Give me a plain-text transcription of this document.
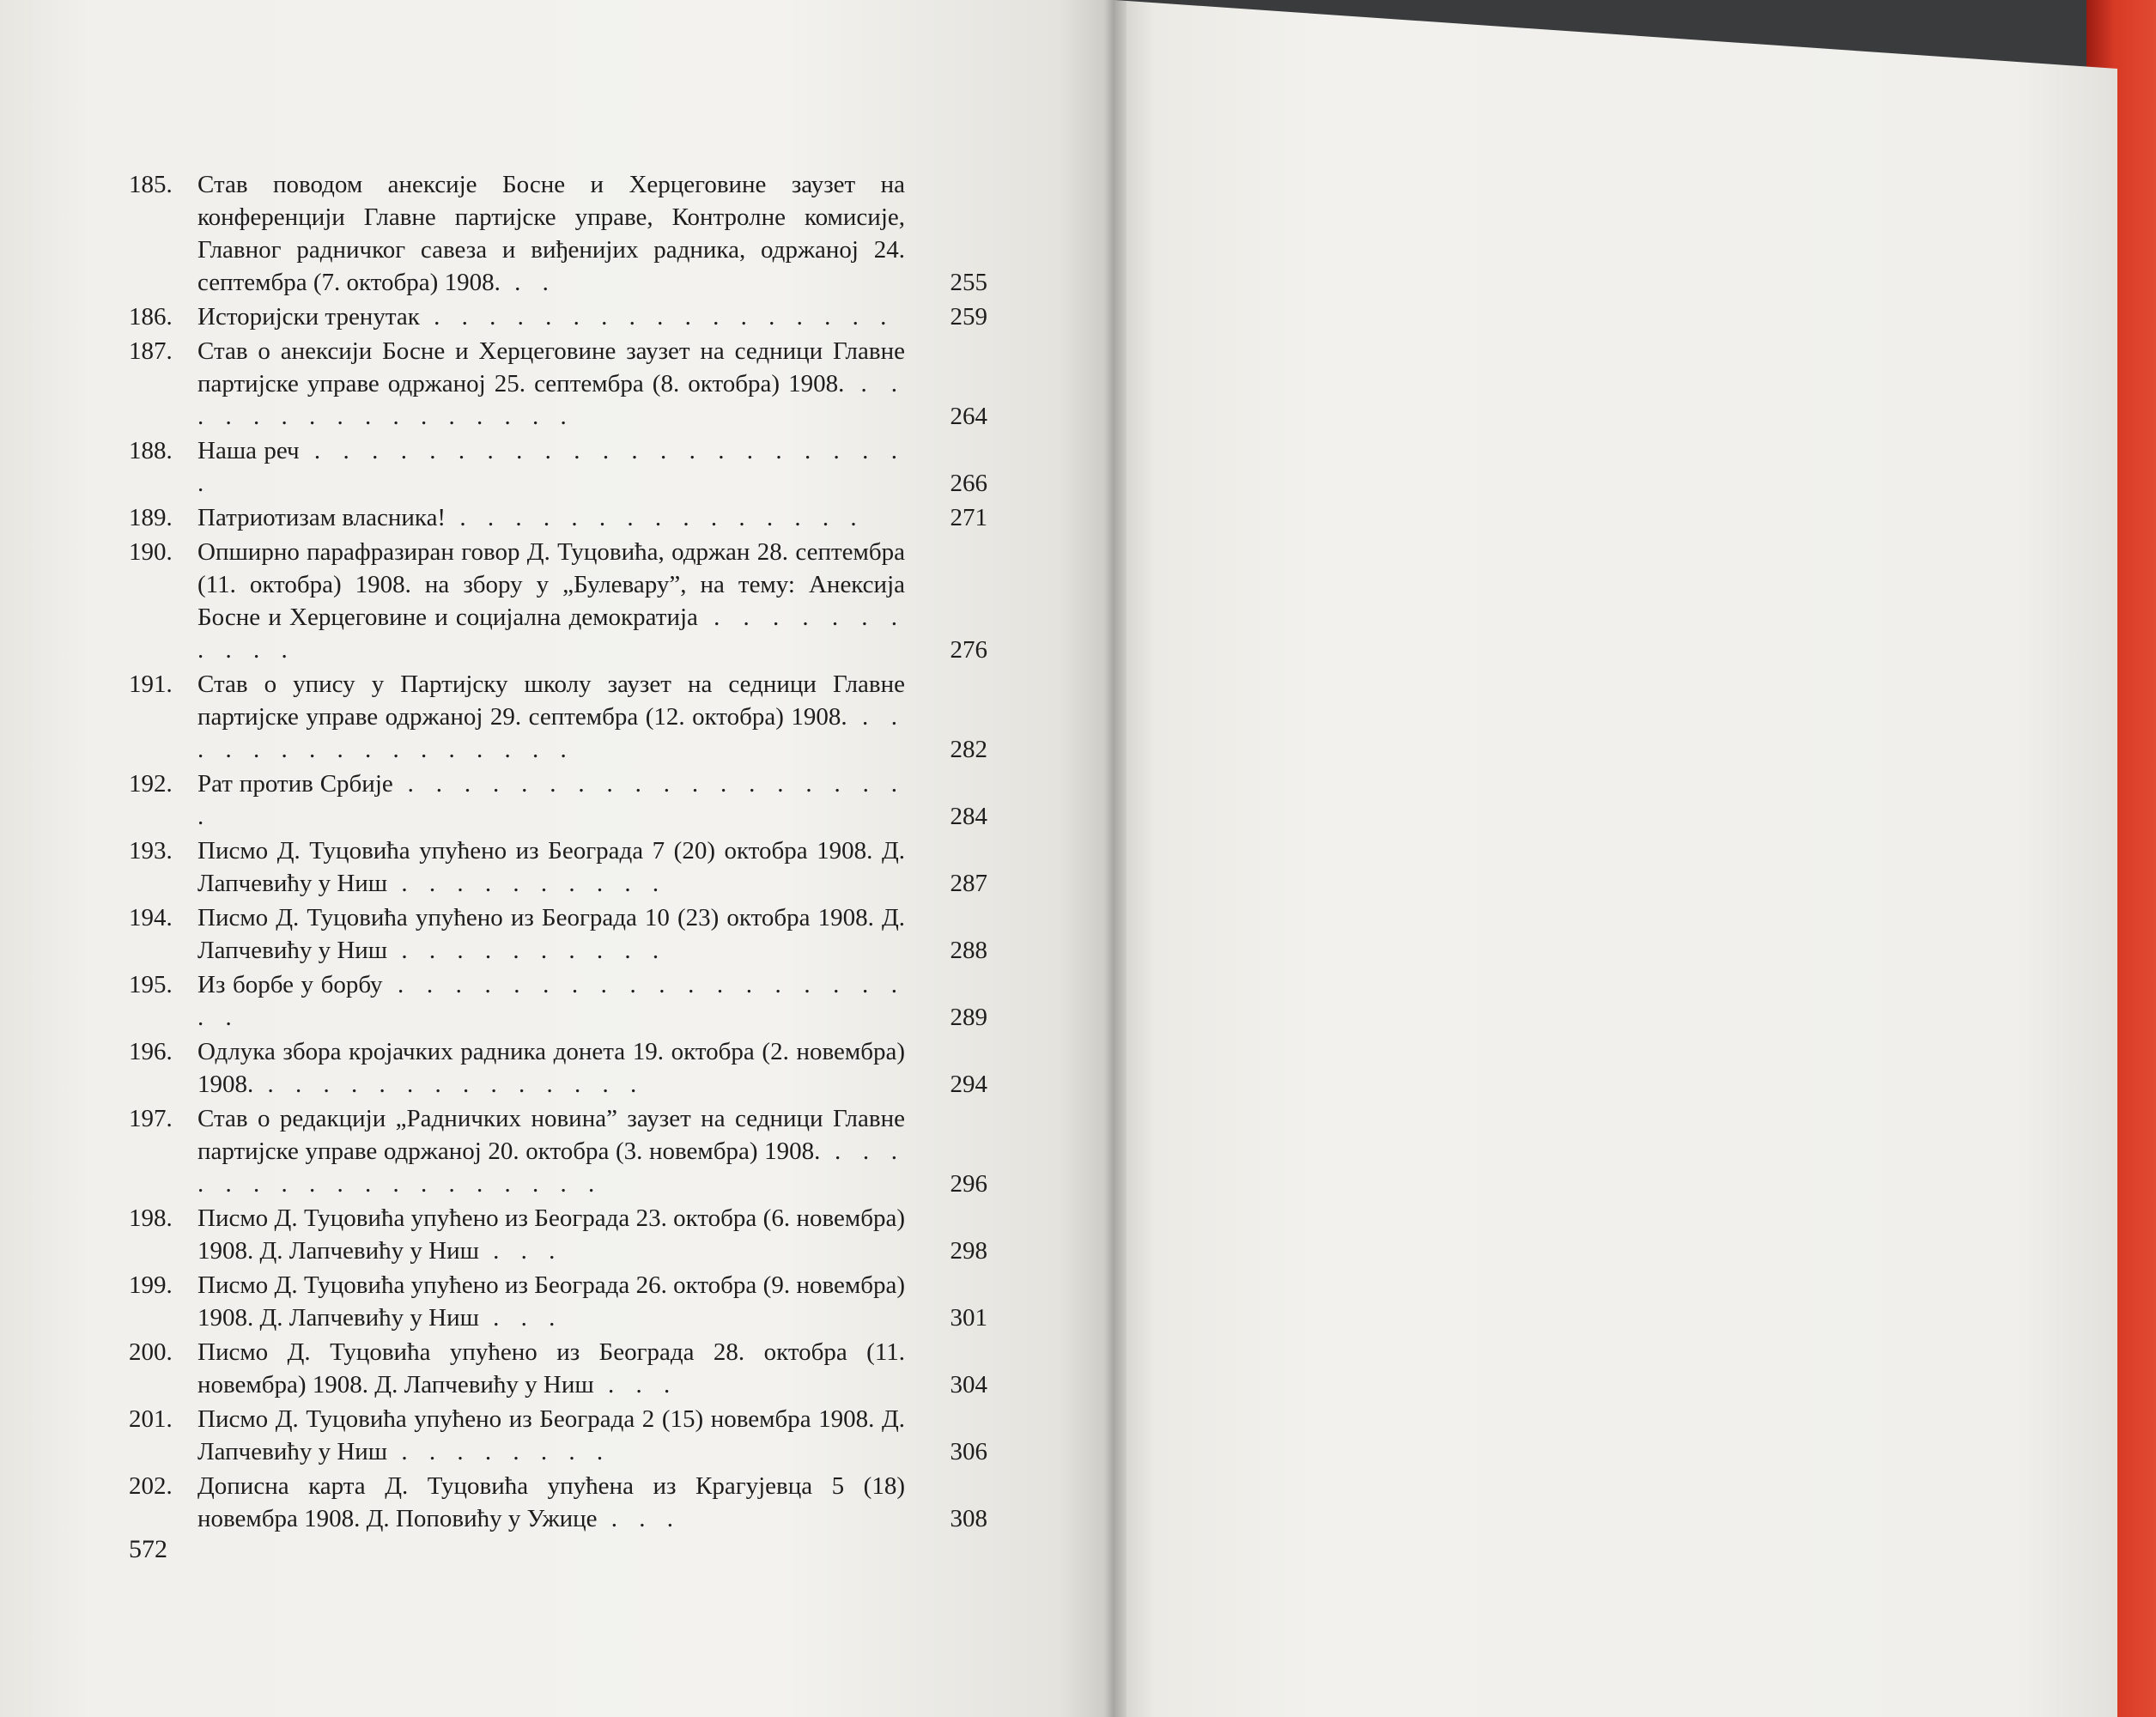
185.	Став поводом анексије Босне и Херцеговине заузет на конференцији Главне партијске управе, Контролне комисије, Главног радничког савеза и виђенијих радника, одржаној 24. септембра (7. октобра) 1908. . .	255
186.	Историјски тренутак . . . . . . . . . . . . . . . . .	259
187.	Став о анексији Босне и Херцеговине заузет на седници Главне партијске управе одржаној 25. септембра (8. октобра) 1908. . . . . . . . . . . . . . . . .	264
188.	Наша реч . . . . . . . . . . . . . . . . . . . . . .	266
189.	Патриотизам власника! . . . . . . . . . . . . . . .	271
190.	Опширно парафразиран говор Д. Туцовића, одржан 28. септембра (11. октобра) 1908. на збору у „Булевару”, на тему: Анексија Босне и Херцеговине и социјална демократија . . . . . . . . . . .	276
191.	Став о упису у Партијску школу заузет на седници Главне партијске управе одржаној 29. септембра (12. октобра) 1908. . . . . . . . . . . . . . . . .	282
192.	Рат против Србије . . . . . . . . . . . . . . . . . . .	284
193.	Писмо Д. Туцовића упућено из Београда 7 (20) октобра 1908. Д. Лапчевићу у Ниш . . . . . . . . . .	287
194.	Писмо Д. Туцовића упућено из Београда 10 (23) октобра 1908. Д. Лапчевићу у Ниш . . . . . . . . . .	288
195.	Из борбе у борбу . . . . . . . . . . . . . . . . . . . .	289
196.	Одлука збора кројачких радника донета 19. октобра (2. новембра) 1908. . . . . . . . . . . . . . .	294
197.	Став о редакцији „Радничких новина” заузет на седници Главне партијске управе одржаној 20. октобра (3. новембра) 1908. . . . . . . . . . . . . . . . . . .	296
198.	Писмо Д. Туцовића упућено из Београда 23. октобра (6. новембра) 1908. Д. Лапчевићу у Ниш . . .	298
199.	Писмо Д. Туцовића упућено из Београда 26. октобра (9. новембра) 1908. Д. Лапчевићу у Ниш . . .	301
200.	Писмо Д. Туцовића упућено из Београда 28. октобра (11. новембра) 1908. Д. Лапчевићу у Ниш . . .	304
201.	Писмо Д. Туцовића упућено из Београда 2 (15) новембра 1908. Д. Лапчевићу у Ниш . . . . . . . .	306
202.	Дописна карта Д. Туцовића упућена из Крагујевца 5 (18) новембра 1908. Д. Поповићу у Ужице . . .	308
572
